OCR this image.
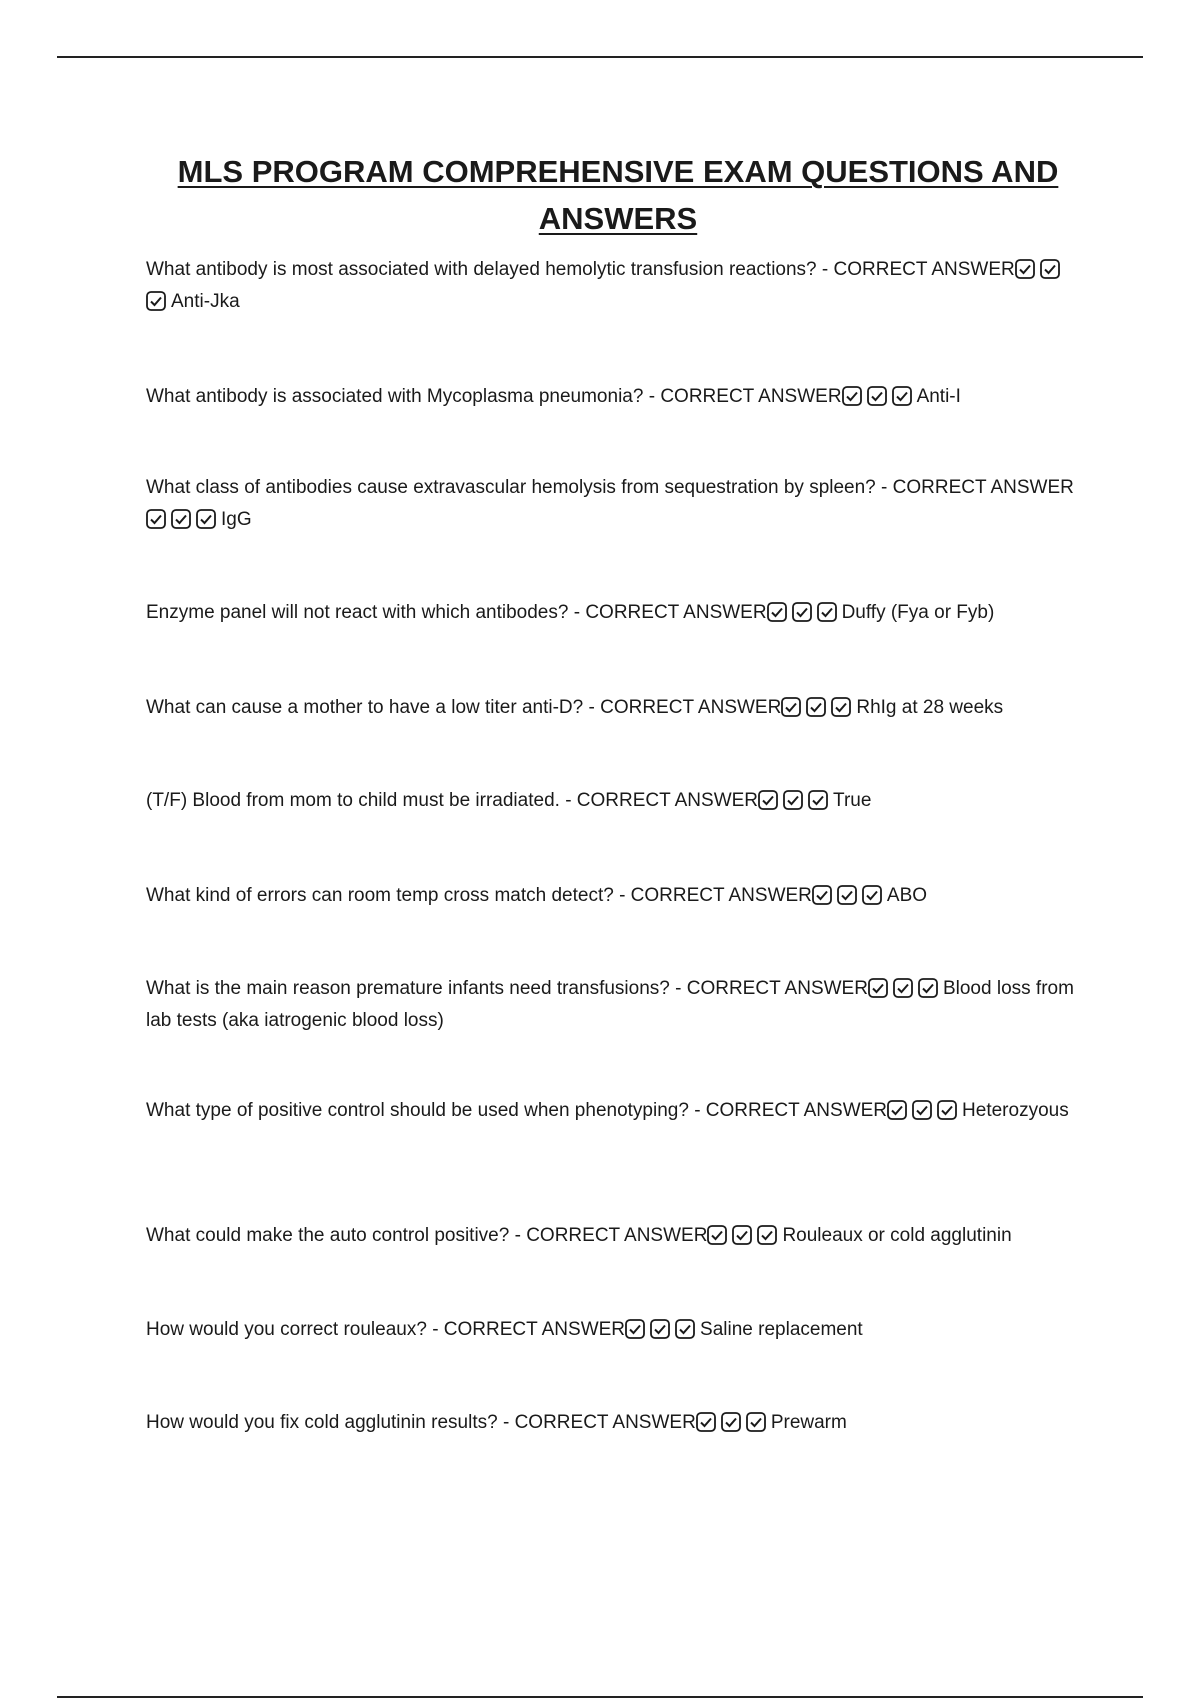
MLS PROGRAM COMPREHENSIVE EXAM QUESTIONS AND ANSWERS
What antibody is most associated with delayed hemolytic transfusion reactions? - CORRECT ANSWER
Anti-Jka
What antibody is associated with Mycoplasma pneumonia? - CORRECT ANSWER	Anti-I
What class of antibodies cause extravascular hemolysis from sequestration by spleen? - CORRECT ANSWER
IgG
Enzyme panel will not react with which antibodes? - CORRECT ANSWER	Duffy (Fya or Fyb)
What can cause a mother to have a low titer anti-D? - CORRECT ANSWER	RhIg at 28 weeks
(T/F) Blood from mom to child must be irradiated. - CORRECT ANSWER	True
What kind of errors can room temp cross match detect? - CORRECT ANSWER	ABO
What is the main reason premature infants need transfusions? - CORRECT ANSWER	Blood loss from lab tests (aka iatrogenic blood loss)
What type of positive control should be used when phenotyping? - CORRECT ANSWER	Heterozyous
What could make the auto control positive? - CORRECT ANSWER	Rouleaux or cold agglutinin
How would you correct rouleaux? - CORRECT ANSWER	Saline replacement
How would you fix cold agglutinin results? - CORRECT ANSWER	Prewarm
